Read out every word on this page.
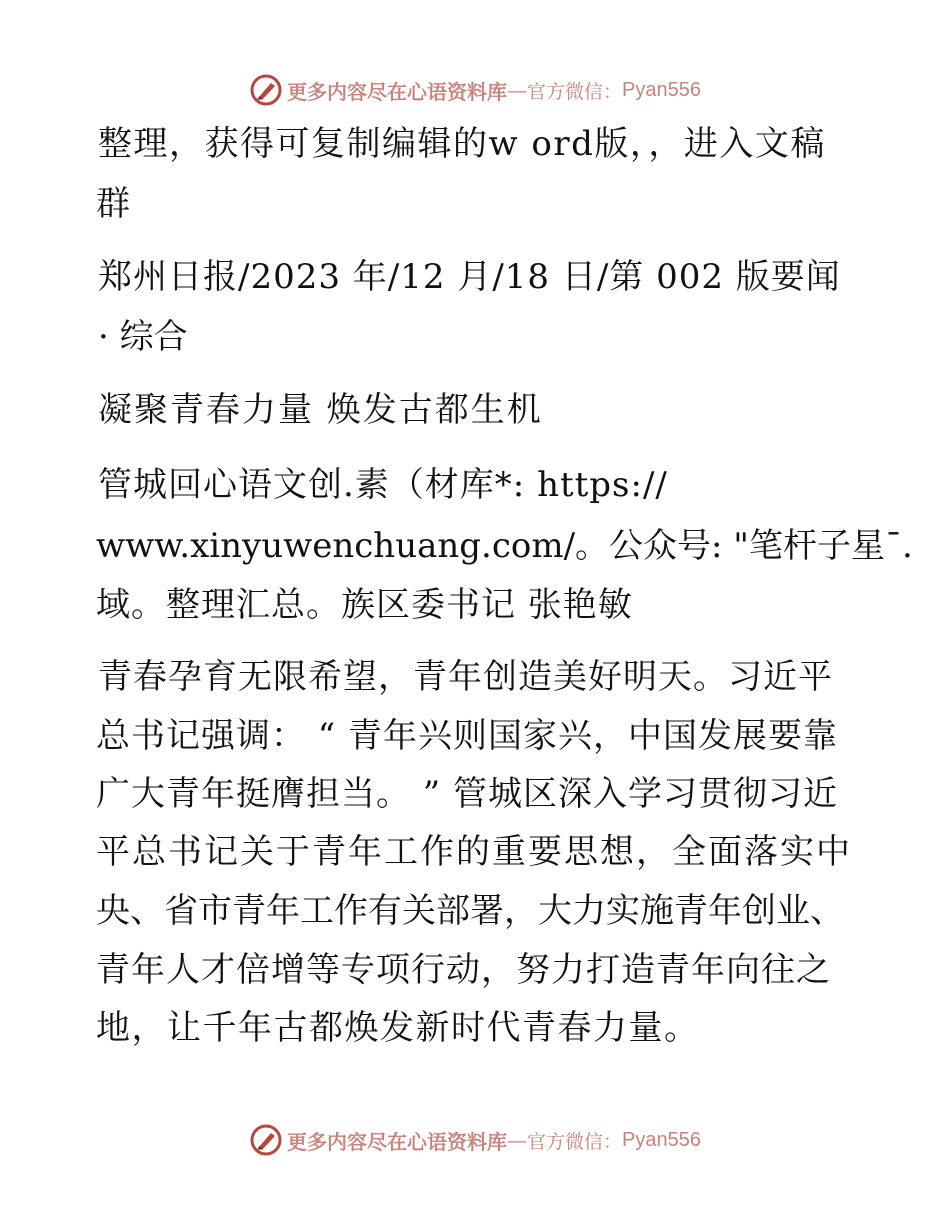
更多内容尽在心语资料库 — 官方微信： Pyan556
整理，获得可复制编辑的w ord版，，进入文稿
群
郑州日报/2023 年/12 月/18 日/第 002 版要闻
· 综合
凝聚青春力量 焕发古都生机
管城回心语文创.素（材库*: https://
www.xinyuwenchuang.com/。公众号: "笔杆子星¯.
域。整理汇总。族区委书记 张艳敏
青春孕育无限希望，青年创造美好明天。习近平
总书记强调： “ 青年兴则国家兴，中国发展要靠
广大青年挺膺担当。 ” 管城区深入学习贯彻习近
平总书记关于青年工作的重要思想，全面落实中
央、省市青年工作有关部署，大力实施青年创业、
青年人才倍增等专项行动，努力打造青年向往之
地，让千年古都焕发新时代青春力量。
更多内容尽在心语资料库 — 官方微信： Pyan556
